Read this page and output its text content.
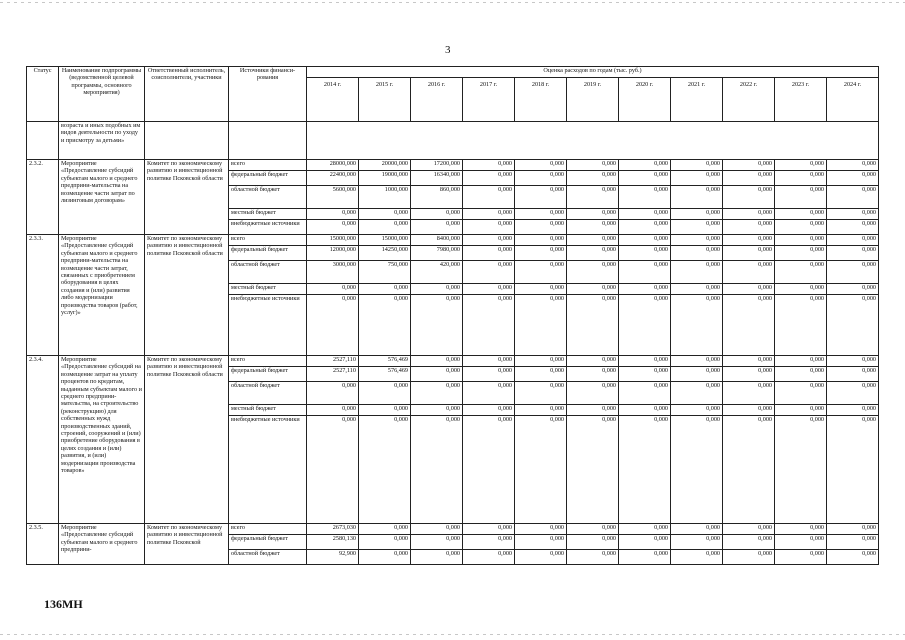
3
Статус	Наименование подпрограммы (ведомственной целевой программы, основного мероприятия)	Ответственный исполнитель, соисполнители, участники	Источники финанси-рования	Оценка расходов по годам (тыс. руб.)										
				2014 г.	2015 г.	2016 г.	2017 г.	2018 г.	2019 г.	2020 г.	2021 г.	2022 г.	2023 г.	2024 г.
	возраста и иных подобных им видов деятельности по уходу и присмотру за детьми»													
2.3.2.	Мероприятие «Предоставление субсидий субъектам малого и среднего предприни-мательства на возмещение части затрат по лизинговым договорам»	Комитет по экономическому развитию и инвестиционной политике Псковской области	всего	28000,000	20000,000	17200,000	0,000	0,000	0,000	0,000	0,000	0,000	0,000	0,000
			федеральный бюджет	22400,000	19000,000	16340,000	0,000	0,000	0,000	0,000	0,000	0,000	0,000	0,000
			областной бюджет	5600,000	1000,000	860,000	0,000	0,000	0,000	0,000	0,000	0,000	0,000	0,000
			местный бюджет	0,000	0,000	0,000	0,000	0,000	0,000	0,000	0,000	0,000	0,000	0,000
			внебюджетные источники	0,000	0,000	0,000	0,000	0,000	0,000	0,000	0,000	0,000	0,000	0,000
2.3.3.	Мероприятие «Предоставление субсидий субъектам малого и среднего предприни-мательства на возмещение части затрат, связанных с приобретением оборудования в целях создания и (или) развития либо модернизации производства товаров (работ, услуг)»	Комитет по экономическому развитию и инвестиционной политике Псковской области	всего	15000,000	15000,000	8400,000	0,000	0,000	0,000	0,000	0,000	0,000	0,000	0,000
			федеральный бюджет	12000,000	14250,000	7980,000	0,000	0,000	0,000	0,000	0,000	0,000	0,000	0,000
			областной бюджет	3000,000	750,000	420,000	0,000	0,000	0,000	0,000	0,000	0,000	0,000	0,000
			местный бюджет	0,000	0,000	0,000	0,000	0,000	0,000	0,000	0,000	0,000	0,000	0,000
			внебюджетные источники	0,000	0,000	0,000	0,000	0,000	0,000	0,000	0,000	0,000	0,000	0,000
2.3.4.	Мероприятие «Предоставление субсидий на возмещение затрат на уплату процентов по кредитам, выданным субъектам малого и среднего предприни-мательства, на строительство (реконструкцию) для собственных нужд производственных зданий, строений, сооружений и (или) приобретение оборудования в целях создания и (или) развития, и (или) модернизации производства товаров»	Комитет по экономическому развитию и инвестиционной политике Псковской области	всего	2527,110	576,469	0,000	0,000	0,000	0,000	0,000	0,000	0,000	0,000	0,000
			федеральный бюджет	2527,110	576,469	0,000	0,000	0,000	0,000	0,000	0,000	0,000	0,000	0,000
			областной бюджет	0,000	0,000	0,000	0,000	0,000	0,000	0,000	0,000	0,000	0,000	0,000
			местный бюджет	0,000	0,000	0,000	0,000	0,000	0,000	0,000	0,000	0,000	0,000	0,000
			внебюджетные источники	0,000	0,000	0,000	0,000	0,000	0,000	0,000	0,000	0,000	0,000	0,000
2.3.5.	Мероприятие «Предоставление субсидий субъектам малого и среднего предприни-	Комитет по экономическому развитию и инвестиционной политике Псковской	всего	2673,030	0,000	0,000	0,000	0,000	0,000	0,000	0,000	0,000	0,000	0,000
			федеральный бюджет	2580,130	0,000	0,000	0,000	0,000	0,000	0,000	0,000	0,000	0,000	0,000
			областной бюджет	92,900	0,000	0,000	0,000	0,000	0,000	0,000	0,000	0,000	0,000	0,000
136МН
